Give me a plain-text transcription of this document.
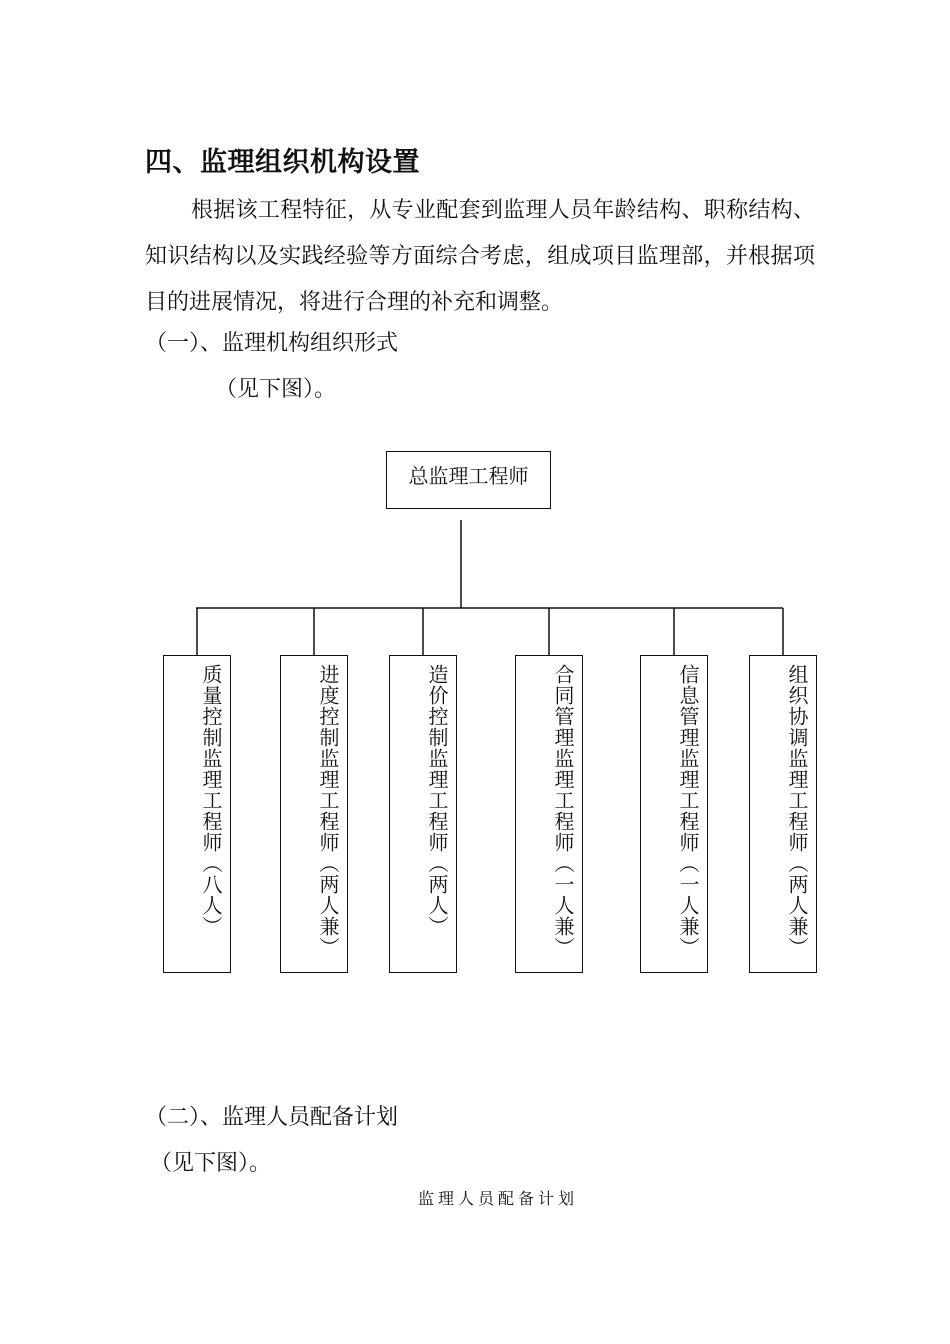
四、监理组织机构设置

根据该工程特征，从专业配套到监理人员年龄结构、职称结构、知识结构以及实践经验等方面综合考虑，组成项目监理部，并根据项目的进展情况，将进行合理的补充和调整。

（一）、监理机构组织形式

（见下图）。

总监理工程师
质量控制监理工程师（八人）	进度控制监理工程师（两人兼）	造价控制监理工程师（两人）	合同管理监理工程师（一人兼）	信息管理监理工程师（一人兼）	组织协调监理工程师（两人兼）

（二）、监理人员配备计划

（见下图）。

监理人员配备计划
